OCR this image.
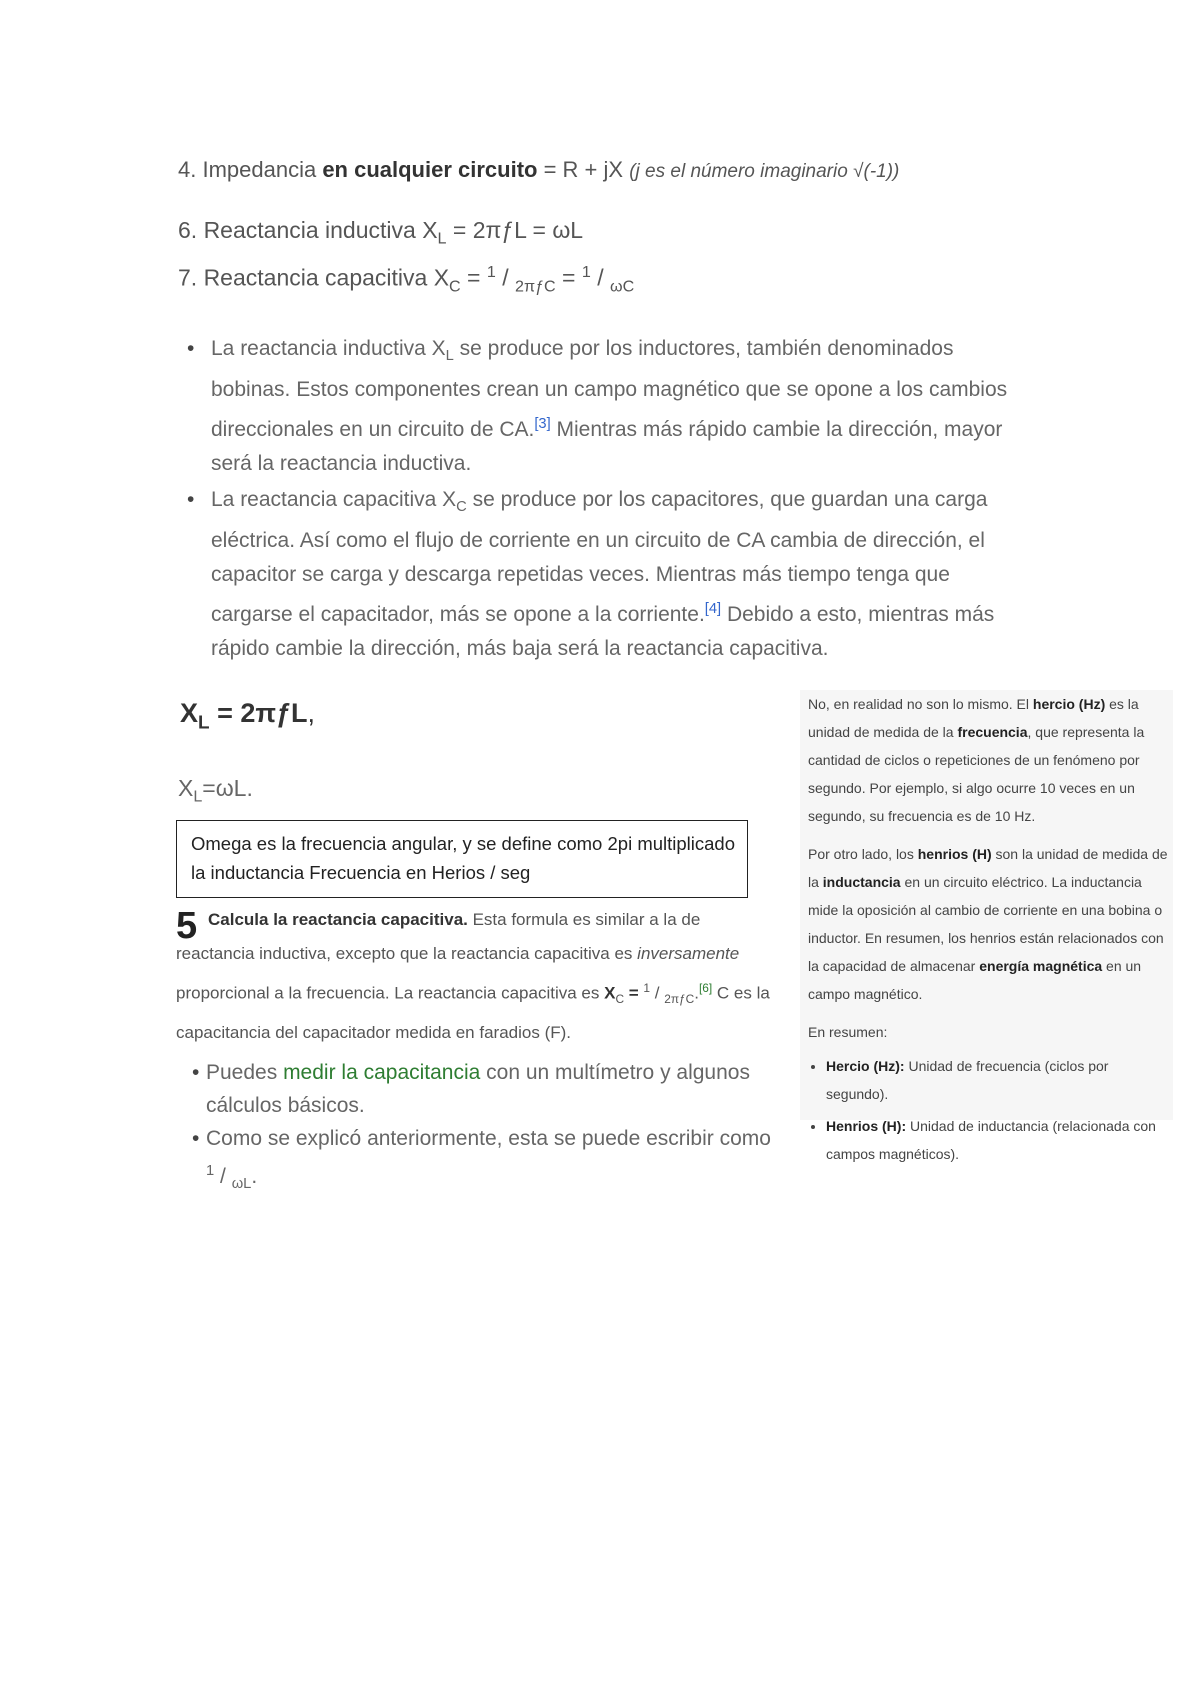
4. Impedancia en cualquier circuito = R + jX (j es el número imaginario √(-1))
6. Reactancia inductiva $X_L$ = 2πƒL = ωL
7. Reactancia capacitiva $X_C = ^1 / _{2\pi ƒC} = ^1 / _{\omega C}$
• La reactancia inductiva $X_L$ se produce por los inductores, también denominados bobinas. Estos componentes crean un campo magnético que se opone a los cambios direccionales en un circuito de CA.[3] Mientras más rápido cambie la dirección, mayor será la reactancia inductiva.
• La reactancia capacitiva $X_C$ se produce por los capacitores, que guardan una carga eléctrica. Así como el flujo de corriente en un circuito de CA cambia de dirección, el capacitor se carga y descarga repetidas veces. Mientras más tiempo tenga que cargarse el capacitador, más se opone a la corriente.[4] Debido a esto, mientras más rápido cambie la dirección, más baja será la reactancia capacitiva.
$X_L$ = 2πƒL,
$X_L=\omega L$.
Omega es la frecuencia angular, y se define como 2pi multiplicado la inductancia Frecuencia en Herios / seg
5 Calcula la reactancia capacitiva. Esta formula es similar a la de reactancia inductiva, excepto que la reactancia capacitiva es inversamente proporcional a la frecuencia. La reactancia capacitiva es $X_C = ^1 / _{2\pi ƒC}.[6]$ C es la capacitancia del capacitador medida en faradios (F).
• Puedes medir la capacitancia con un multímetro y algunos cálculos básicos.
• Como se explicó anteriormente, esta se puede escribir como $^1$ / $_{\omega L}$.

No, en realidad no son lo mismo. El hercio (Hz) es la unidad de medida de la frecuencia, que representa la cantidad de ciclos o repeticiones de un fenómeno por segundo. Por ejemplo, si algo ocurre 10 veces en un segundo, su frecuencia es de 10 Hz.

Por otro lado, los henrios (H) son la unidad de medida de la inductancia en un circuito eléctrico. La inductancia mide la oposición al cambio de corriente en una bobina o inductor. En resumen, los henrios están relacionados con la capacidad de almacenar energía magnética en un campo magnético.

En resumen:

• Hercio (Hz): Unidad de frecuencia (ciclos por segundo).
• Henrios (H): Unidad de inductancia (relacionada con campos magnéticos).
